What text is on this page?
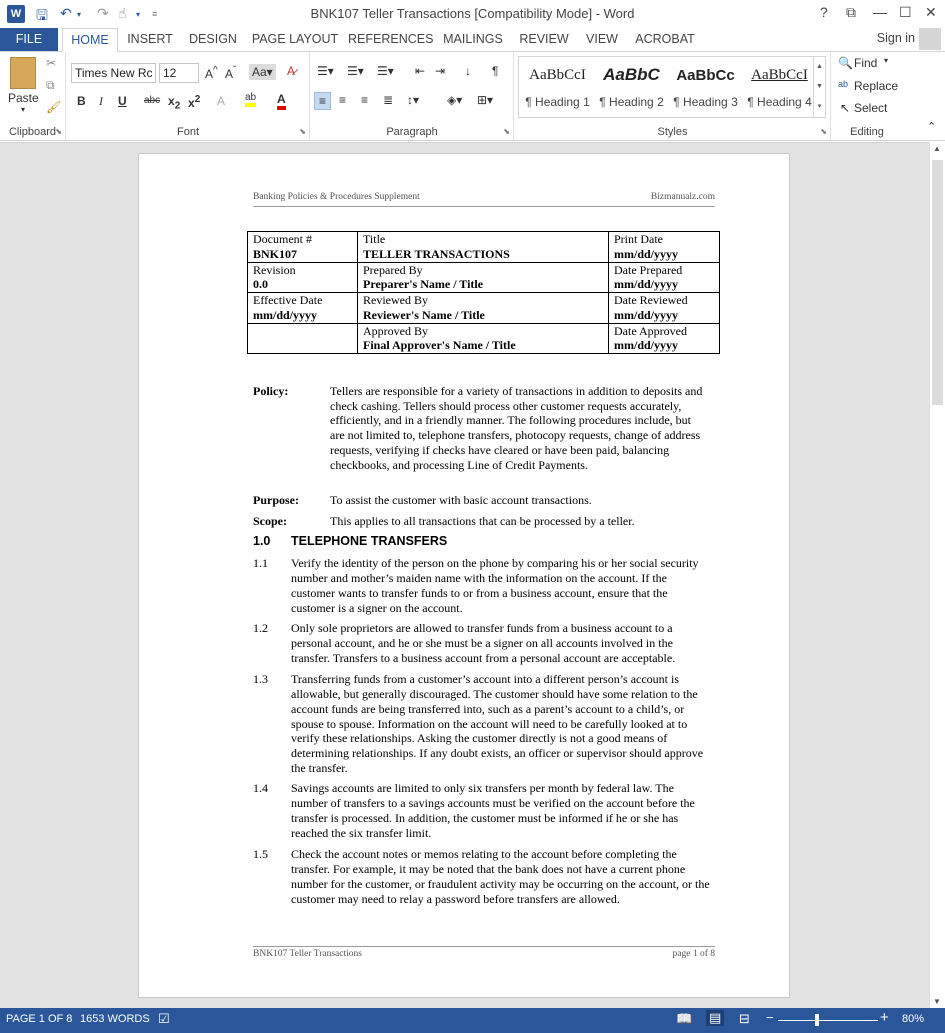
W 🖫 ↶ ▾ ↷ ☝ ▾ ≡	BNK107 Teller Transactions [Compatibility Mode] - Word	? ⧉ — ☐ ✕
FILE	HOME	INSERT	DESIGN	PAGE LAYOUT REFERENCES MAILINGS	REVIEW	VIEW	ACROBAT	Sign in
Paste
▾
✂
⧉
🖌
Clipboard ⬊
Times New Rc 12	A^ $A^ˇ$ Aa▾ A̷
B I U abc $x_2$ $x^2$ A ab A
Font	⬊
☰▾ ☰▾ ☰▾ ⇤ ⇥ ↓ ¶
≡	≡ ≡ ≣ ↕▾ ◈▾ ⊞▾
Paragraph	⬊	Styles	⬊
AaBbCcI
¶ Heading 1
AaBbC
¶ Heading 2
AaBbCc
¶ Heading 3
AaBbCcI
¶ Heading 4
▲
▼
▾
🔍 Find ▾
ab Replace
↖ Select
Editing	⌃
▲
▼
Banking Policies & Procedures Supplement	Bizmanualz.com
Document #
BNK107	Title
TELLER TRANSACTIONS	Print Date
mm/dd/yyyy
Revision
0.0	Prepared By
Preparer's Name / Title	Date Prepared
mm/dd/yyyy
Effective Date
mm/dd/yyyy	Reviewed By
Reviewer's Name / Title	Date Reviewed
mm/dd/yyyy
	Approved By
Final Approver's Name / Title	Date Approved
mm/dd/yyyy
Policy:	Tellers are responsible for a variety of transactions in addition to deposits and check cashing. Tellers should process other customer requests accurately, efficiently, and in a friendly manner. The following procedures include, but are not limited to, telephone transfers, photocopy requests, change of address requests, verifying if checks have cleared or have been paid, balancing checkbooks, and processing Line of Credit Payments.
Purpose:	To assist the customer with basic account transactions.
Scope:	This applies to all transactions that can be processed by a teller.
1.0 TELEPHONE TRANSFERS
1.1 Verify the identity of the person on the phone by comparing his or her social security number and mother’s maiden name with the information on the account. If the customer wants to transfer funds to or from a business account, ensure that the customer is a signer on the account.
1.2 Only sole proprietors are allowed to transfer funds from a business account to a personal account, and he or she must be a signer on all accounts involved in the transfer. Transfers to a business account from a personal account are acceptable.
1.3 Transferring funds from a customer’s account into a different person’s account is allowable, but generally discouraged. The customer should have some relation to the account funds are being transferred into, such as a parent’s account to a child’s, or spouse to spouse. Information on the account will need to be carefully looked at to verify these relationships. Asking the customer directly is not a good means of determining relationships. If any doubt exists, an officer or supervisor should approve the transfer.
1.4 Savings accounts are limited to only six transfers per month by federal law. The number of transfers to a savings accounts must be verified on the account before the transfer is processed. In addition, the customer must be informed if he or she has reached the six transfer limit.
1.5 Check the account notes or memos relating to the account before completing the transfer. For example, it may be noted that the bank does not have a current phone number for the customer, or fraudulent activity may be occurring on the account, or the customer may need to relay a password before transfers are allowed.
BNK107 Teller Transactions	page 1 of 8
PAGE 1 OF 8 1653 WORDS ☑	📖 ▤ ⊟ −	+ 80%
